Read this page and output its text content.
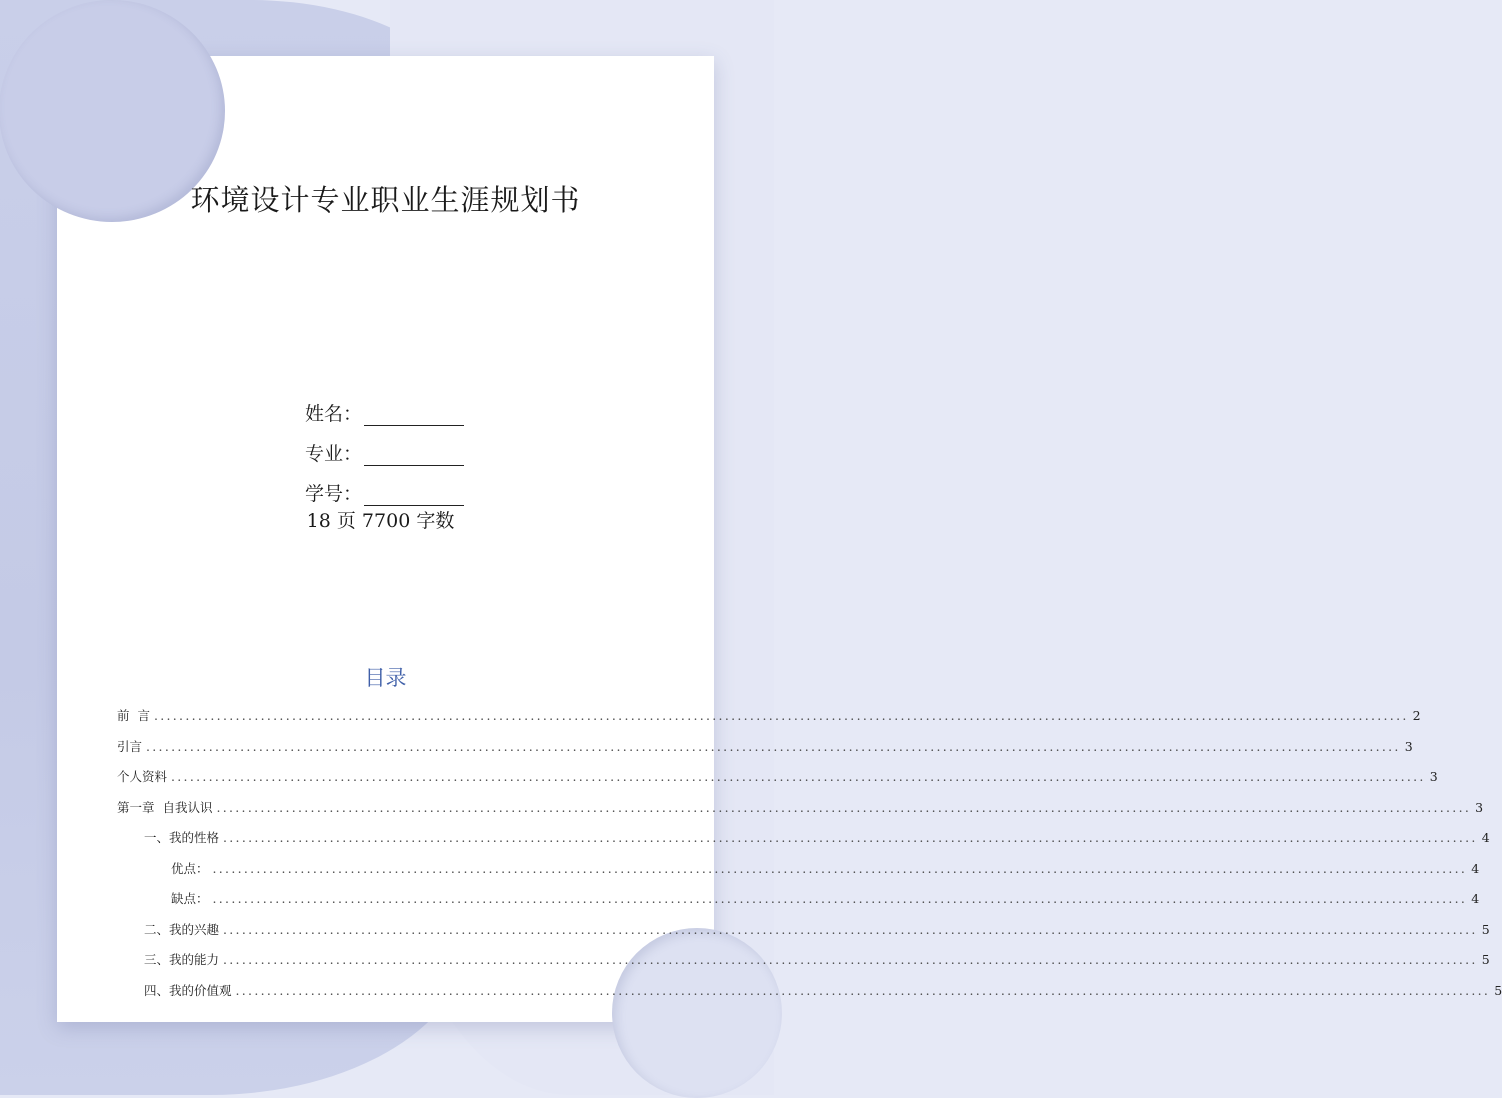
环境设计专业职业生涯规划书
姓名：
专业：
学号：
18 页 7700 字数
目录
前  言 ........................................................................................................................................................................................................ 2
引言 ........................................................................................................................................................................................................ 3
个人资料 ........................................................................................................................................................................................................ 3
第一章  自我认识 ........................................................................................................................................................................................................ 3
一、我的性格 ........................................................................................................................................................................................................ 4
优点： ........................................................................................................................................................................................................ 4
缺点： ........................................................................................................................................................................................................ 4
二、我的兴趣 ........................................................................................................................................................................................................ 5
三、我的能力 ........................................................................................................................................................................................................ 5
四、我的价值观 ........................................................................................................................................................................................................ 5
